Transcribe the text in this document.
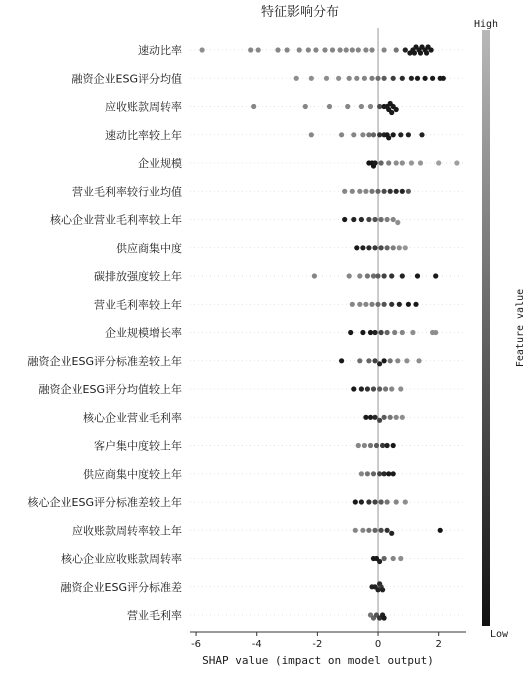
速动比率
融资企业ESG评分均值
应收账款周转率
速动比率较上年
企业规模
营业毛利率较行业均值
核心企业营业毛利率较上年
供应商集中度
碳排放强度较上年
营业毛利率较上年
企业规模增长率
融资企业ESG评分标准差较上年
融资企业ESG评分均值较上年
核心企业营业毛利率
客户集中度较上年
供应商集中度较上年
核心企业ESG评分标准差较上年
应收账款周转率较上年
核心企业应收账款周转率
融资企业ESG评分标准差
营业毛利率
-6	-4	-2	0	2
特征影响分布
SHAP value (impact on model output)
High
Low
Feature value
